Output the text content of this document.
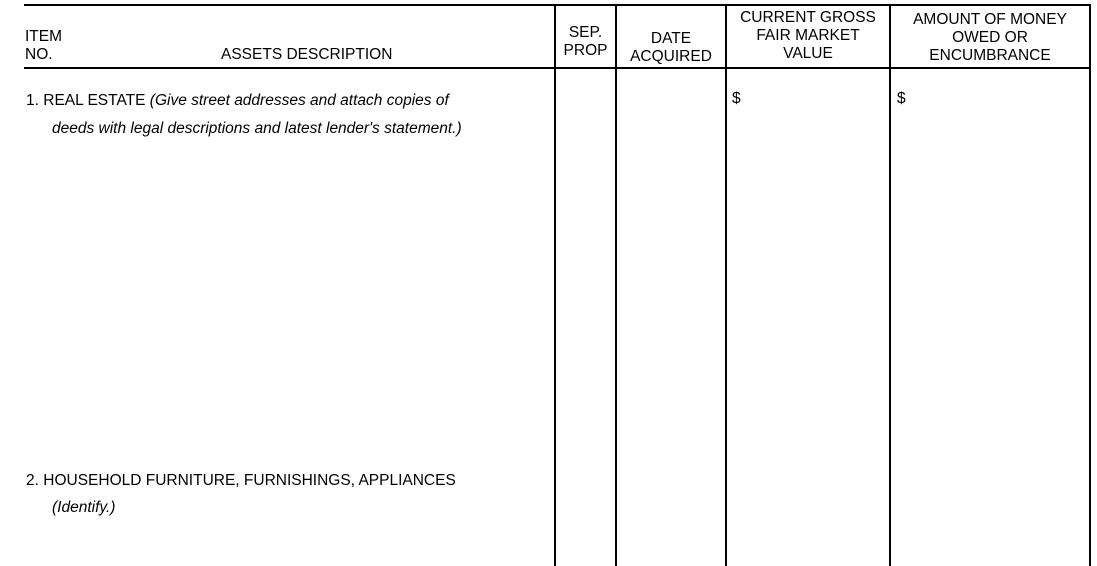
ITEM
NO.	ASSETS DESCRIPTION
SEP.
PROP
DATE
ACQUIRED
CURRENT GROSS
FAIR MARKET
VALUE
AMOUNT OF MONEY
OWED OR
ENCUMBRANCE
1. REAL ESTATE (Give street addresses and attach copies of
deeds with legal descriptions and latest lender's statement.)
$	$
2. HOUSEHOLD FURNITURE, FURNISHINGS, APPLIANCES
(Identify.)
